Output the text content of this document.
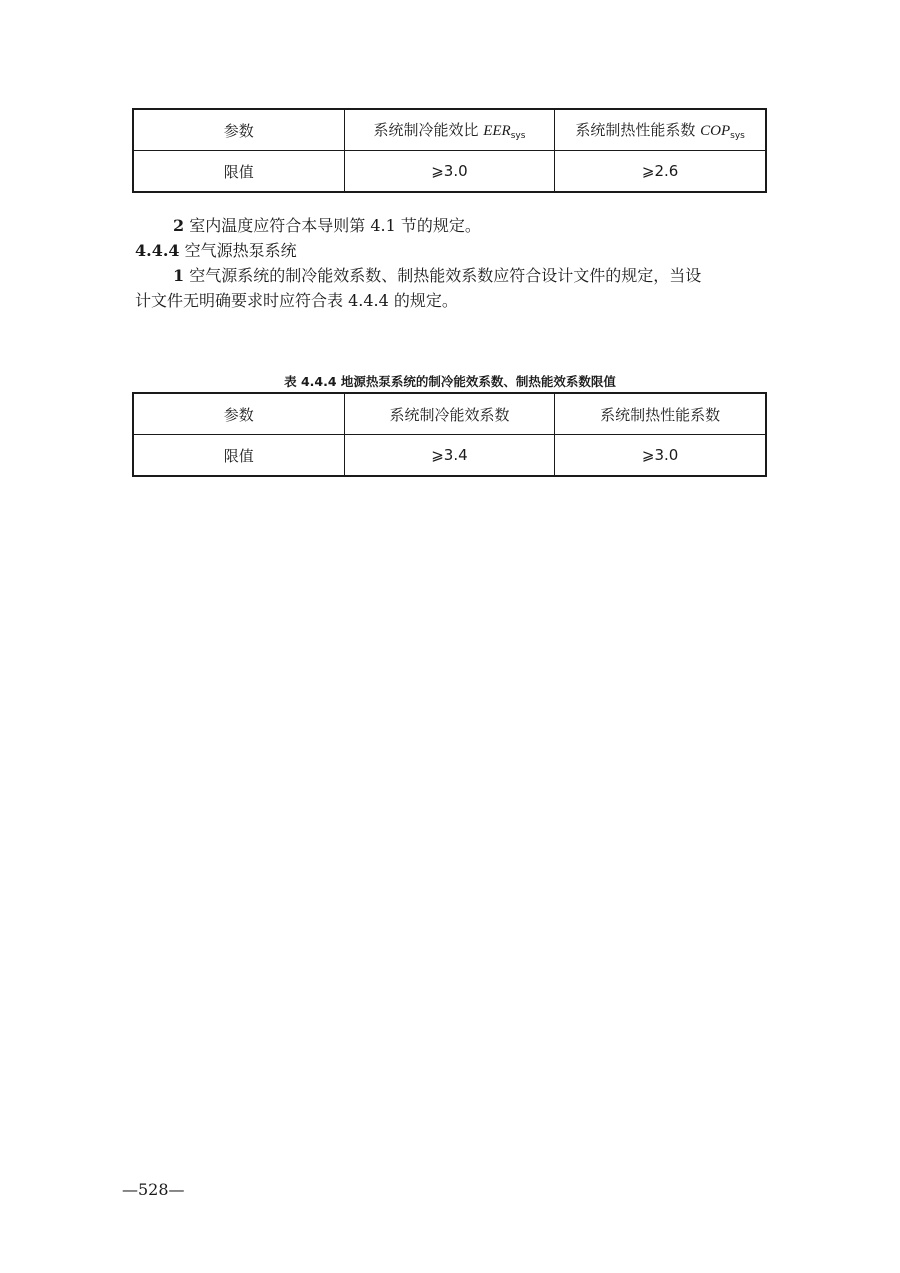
参数	系统制冷能效比 $EER_{sys}$	系统制热性能系数 $COP_{sys}$
限值	⩾3.0	⩾2.6
2 室内温度应符合本导则第 4.1 节的规定。
4.4.4 空气源热泵系统
1 空气源系统的制冷能效系数、制热能效系数应符合设计文件的规定，当设
计文件无明确要求时应符合表 4.4.4 的规定。
表 4.4.4 地源热泵系统的制冷能效系数、制热能效系数限值
参数	系统制冷能效系数	系统制热性能系数
限值	⩾3.4	⩾3.0
—528—
